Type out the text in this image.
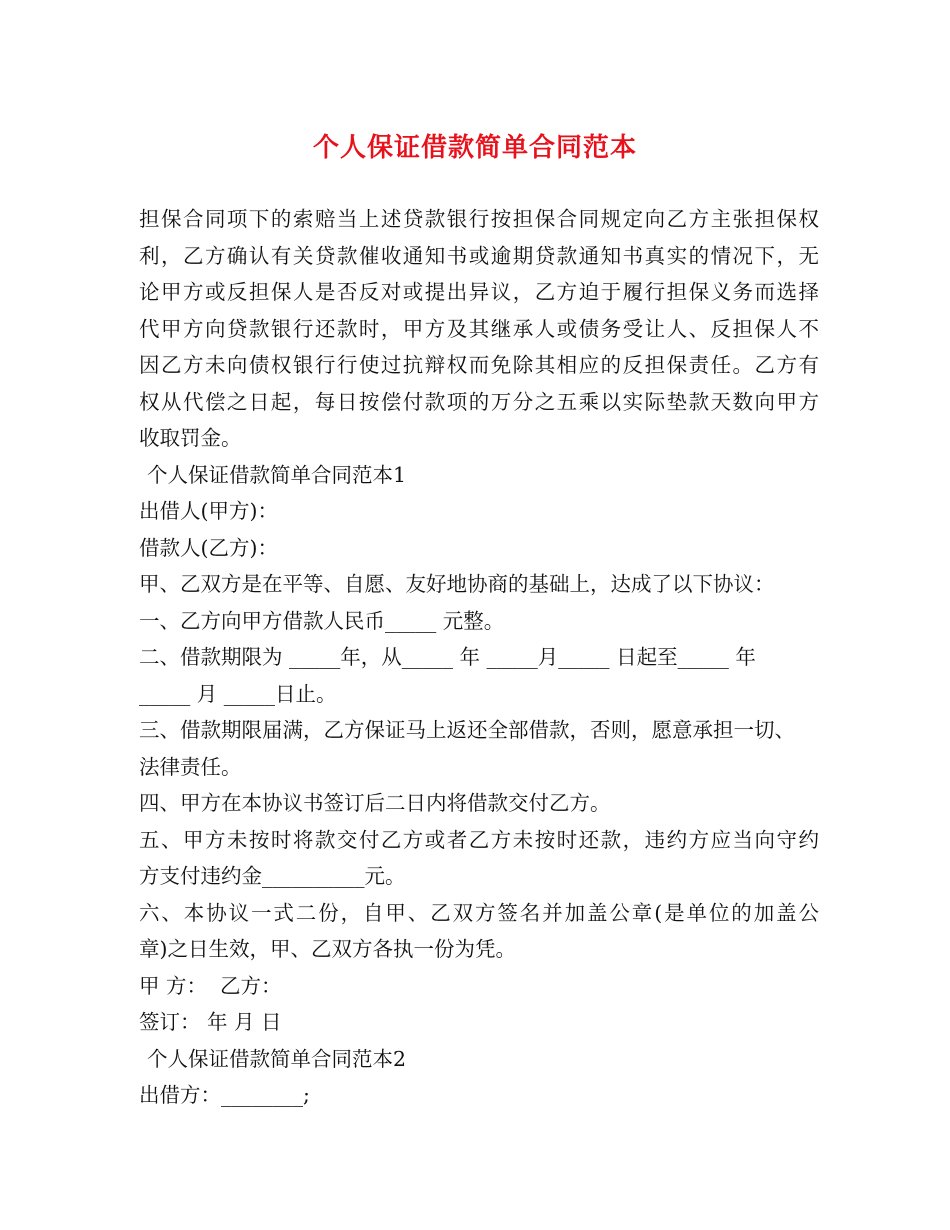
个人保证借款简单合同范本
担保合同项下的索赔当上述贷款银行按担保合同规定向乙方主张担保权
利，乙方确认有关贷款催收通知书或逾期贷款通知书真实的情况下，无
论甲方或反担保人是否反对或提出异议，乙方迫于履行担保义务而选择
代甲方向贷款银行还款时，甲方及其继承人或债务受让人、反担保人不
因乙方未向债权银行行使过抗辩权而免除其相应的反担保责任。乙方有
权从代偿之日起，每日按偿付款项的万分之五乘以实际垫款天数向甲方
收取罚金。
个人保证借款简单合同范本1
出借人(甲方)：
借款人(乙方)：
甲、乙双方是在平等、自愿、友好地协商的基础上，达成了以下协议：
一、乙方向甲方借款人民币_____ 元整。
二、借款期限为 _____年，从_____ 年 _____月_____ 日起至_____ 年
_____ 月 _____日止。
三、借款期限届满，乙方保证马上返还全部借款，否则，愿意承担一切、
法律责任。
四、甲方在本协议书签订后二日内将借款交付乙方。
五、甲方未按时将款交付乙方或者乙方未按时还款，违约方应当向守约
方支付违约金__________元。
六、本协议一式二份，自甲、乙双方签名并加盖公章(是单位的加盖公
章)之日生效，甲、乙双方各执一份为凭。
甲 方：  乙方：
签订： 年 月 日
个人保证借款简单合同范本2
出借方：________;
